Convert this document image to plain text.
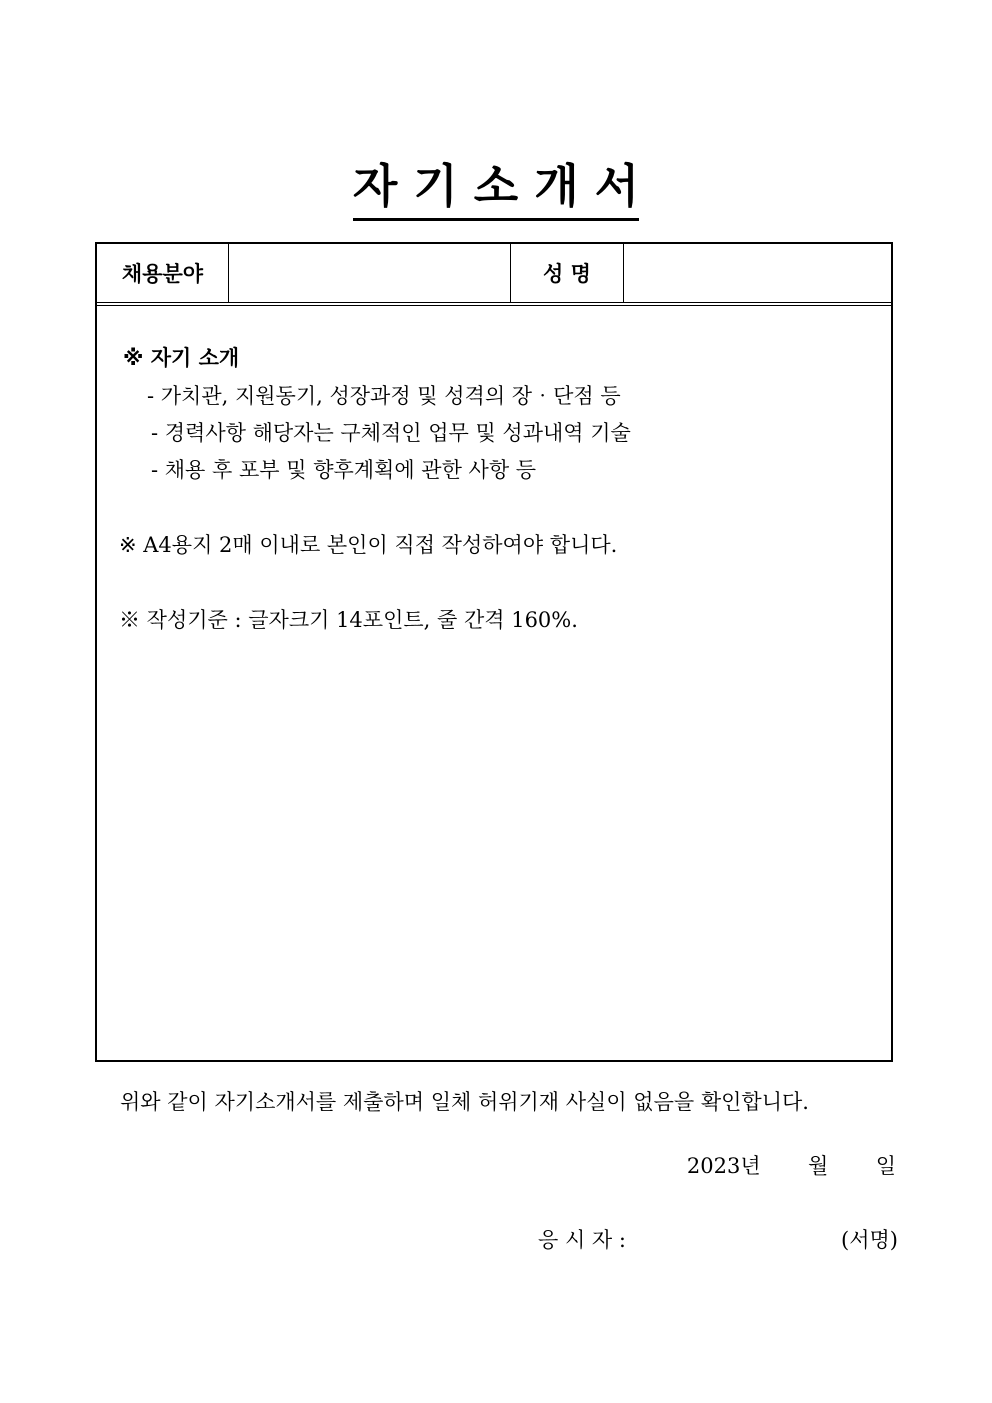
자 기 소 개 서
채용분야	성 명
※ 자기 소개
- 가치관, 지원동기, 성장과정 및 성격의 장‧단점 등
- 경력사항 해당자는 구체적인 업무 및 성과내역 기술
- 채용 후 포부 및 향후계획에 관한 사항 등
※ A4용지 2매 이내로 본인이 직접 작성하여야 합니다.
※ 작성기준 : 글자크기 14포인트, 줄 간격 160%.
위와 같이 자기소개서를 제출하며 일체 허위기재 사실이 없음을 확인합니다.
2023년 월 일
응 시 자 :	(서명)
